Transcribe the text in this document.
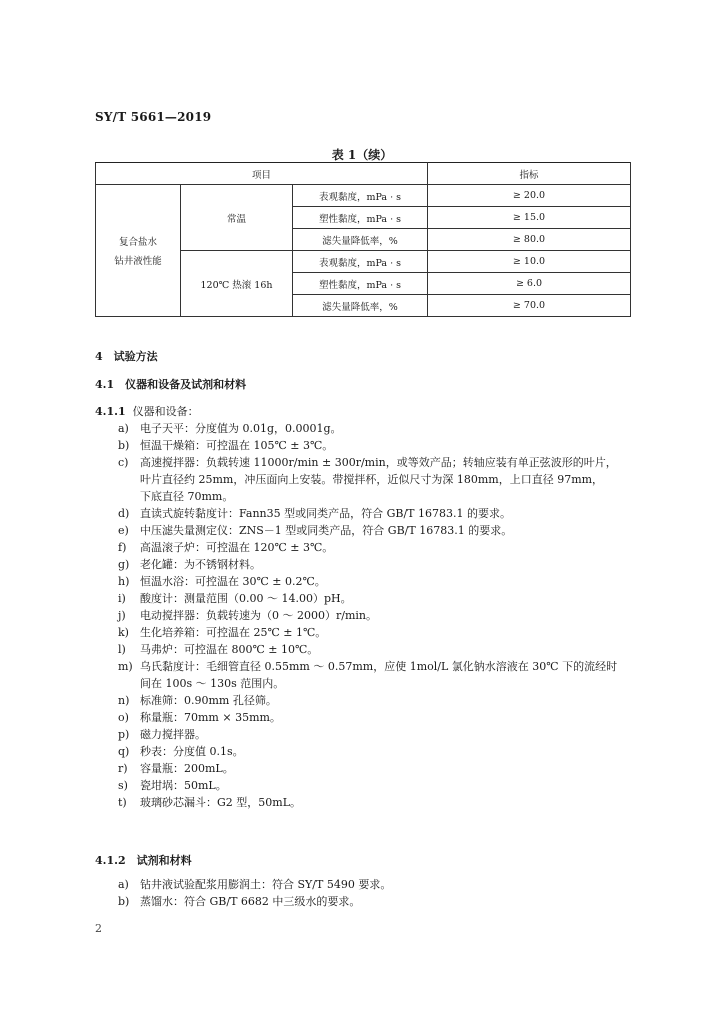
SY/T 5661—2019
表 1（续）
项目			指标

复合盐水
钻井液性能	常温	表观黏度，mPa · s	≥ 20.0
		塑性黏度，mPa · s	≥ 15.0
		滤失量降低率，%	≥ 80.0
	120℃ 热滚 16h	表观黏度，mPa · s	≥ 10.0
		塑性黏度，mPa · s	≥ 6.0
		滤失量降低率，%	≥ 70.0
4　试验方法
4.1　仪器和设备及试剂和材料
4.1.1 仪器和设备：
a) 电子天平：分度值为 0.01g，0.0001g。
b) 恒温干燥箱：可控温在 105℃ ± 3℃。
c) 高速搅拌器：负载转速 11000r/min ± 300r/min，或等效产品；转轴应装有单正弦波形的叶片，
叶片直径约 25mm，冲压面向上安装。带搅拌杯，近似尺寸为深 180mm，上口直径 97mm，
下底直径 70mm。
d) 直读式旋转黏度计：Fann35 型或同类产品，符合 GB/T 16783.1 的要求。
e) 中压滤失量测定仪：ZNS－1 型或同类产品，符合 GB/T 16783.1 的要求。
f) 高温滚子炉：可控温在 120℃ ± 3℃。
g) 老化罐：为不锈钢材料。
h) 恒温水浴：可控温在 30℃ ± 0.2℃。
i) 酸度计：测量范围（0.00 ～ 14.00）pH。
j) 电动搅拌器：负载转速为（0 ～ 2000）r/min。
k) 生化培养箱：可控温在 25℃ ± 1℃。
l) 马弗炉：可控温在 800℃ ± 10℃。
m) 乌氏黏度计：毛细管直径 0.55mm ～ 0.57mm，应使 1mol/L 氯化钠水溶液在 30℃ 下的流经时
间在 100s ～ 130s 范围内。
n) 标准筛：0.90mm 孔径筛。
o) 称量瓶：70mm × 35mm。
p) 磁力搅拌器。
q) 秒表：分度值 0.1s。
r) 容量瓶：200mL。
s) 瓷坩埚：50mL。
t) 玻璃砂芯漏斗：G2 型，50mL。
4.1.2　试剂和材料
a) 钻井液试验配浆用膨润土：符合 SY/T 5490 要求。
b) 蒸馏水：符合 GB/T 6682 中三级水的要求。
2
